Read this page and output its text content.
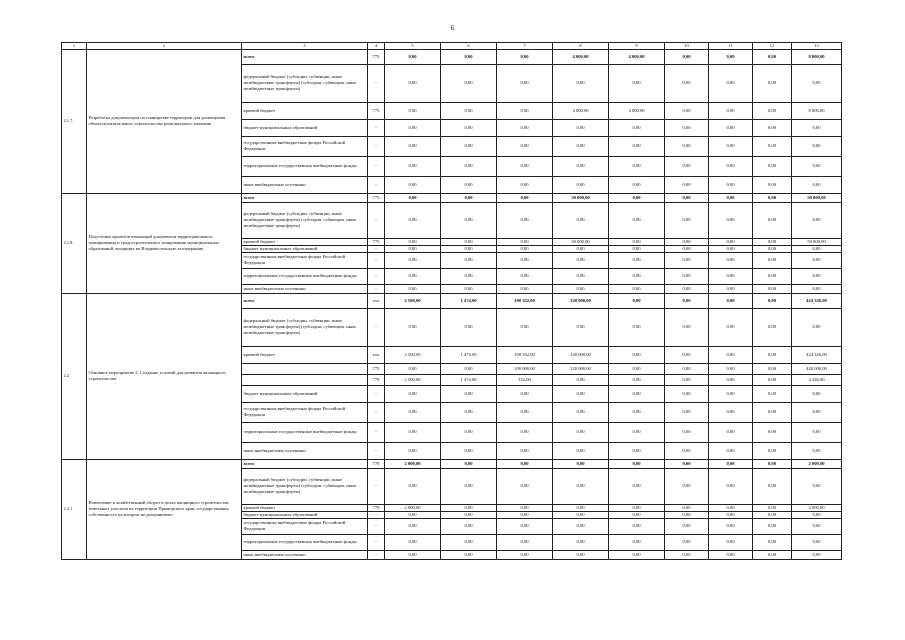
6
1	2	3	4	5	6	7	8	9	10	11	12	13
2.1.7.	Разработка документации по планировке территории для размещения объектов капитального строительства регионального значения	всего	775	0,00	0,00	0,00	4 000,00	4 000,00	0,00	0,00	0,00	8 000,00
		федеральный бюджет (субсидии, субвенции, иные межбюджетные трансферты) (субсидии, субвенции, иные межбюджетные трансферты)	-	0,00	0,00	0,00	0,00	0,00	0,00	0,00	0,00	0,00
		краевой бюджет	775	0,00	0,00	0,00	4 000,00	4 000,00	0,00	0,00	0,00	8 000,00
		бюджет муниципальных образований	-	0,00	0,00	0,00	0,00	0,00	0,00	0,00	0,00	0,00
		государственные внебюджетные фонды Российской Федерации	-	0,00	0,00	0,00	0,00	0,00	0,00	0,00	0,00	0,00
		территориальные государственные внебюджетные фонды	-	0,00	0,00	0,00	0,00	0,00	0,00	0,00	0,00	0,00
		иные внебюджетные источники	-	0,00	0,00	0,00	0,00	0,00	0,00	0,00	0,00	0,00
2.1.8.	Подготовка проектов изменений документов территориального планирования и градостроительного зонирования муниципальных образований, входящих во Владивостокскую агломерацию	всего	775	0,00	0,00	0,00	50 000,00	0,00	0,00	0,00	0,00	50 000,00
		федеральный бюджет (субсидии, субвенции, иные межбюджетные трансферты) (субсидии, субвенции, иные межбюджетные трансферты)	-	0,00	0,00	0,00	0,00	0,00	0,00	0,00	0,00	0,00
		краевой бюджет	775	0,00	0,00	0,00	50 000,00	0,00	0,00	0,00	0,00	50 000,00
		бюджет муниципальных образований	-	0,00	0,00	0,00	0,00	0,00	0,00	0,00	0,00	0,00
		государственные внебюджетные фонды Российской Федерации	-	0,00	0,00	0,00	0,00	0,00	0,00	0,00	0,00	0,00
		территориальные государственные внебюджетные фонды	-	0,00	0,00	0,00	0,00	0,00	0,00	0,00	0,00	0,00
		иные внебюджетные источники	-	0,00	0,00	0,00	0,00	0,00	0,00	0,00	0,00	0,00
2.2.	Основное мероприятие 2. Создание условий для развития жилищного строительства	всего	ххх	2 500,00	1 474,00	100 352,00	320 000,00	0,00	0,00	0,00	0,00	424 326,00
		федеральный бюджет (субсидии, субвенции, иные межбюджетные трансферты) (субсидии, субвенции, иные межбюджетные трансферты)	-	0,00	0,00	0,00	0,00	0,00	0,00	0,00	0,00	0,00
		краевой бюджет	ххх	2 500,00	1 474,00	100 352,00	320 000,00	0,00	0,00	0,00	0,00	424 326,00
			775	0,00	0,00	100 000,00	320 000,00	0,00	0,00	0,00	0,00	420 000,00
			779	2 500,00	1 474,00	352,00	0,00	0,00	0,00	0,00	0,00	4 326,00
		бюджет муниципальных образований	-	0,00	0,00	0,00	0,00	0,00	0,00	0,00	0,00	0,00
		государственные внебюджетные фонды Российской Федерации	-	0,00	0,00	0,00	0,00	0,00	0,00	0,00	0,00	0,00
		территориальные государственные внебюджетные фонды	-	0,00	0,00	0,00	0,00	0,00	0,00	0,00	0,00	0,00
		иные внебюджетные источники	-	0,00	0,00	0,00	0,00	0,00	0,00	0,00	0,00	0,00
2.2.1	Вовлечение в хозяйственный оборот в целях жилищного строительства земельных участков на территории Приморского края, государственная собственность на которые не разграничена	всего	779	2 000,00	0,00	0,00	0,00	0,00	0,00	0,00	0,00	2 000,00
		федеральный бюджет (субсидии, субвенции, иные межбюджетные трансферты) (субсидии, субвенции, иные межбюджетные трансферты)	-	0,00	0,00	0,00	0,00	0,00	0,00	0,00	0,00	0,00
		краевой бюджет	779	2 000,00	0,00	0,00	0,00	0,00	0,00	0,00	0,00	2 000,00
		бюджет муниципальных образований	-	0,00	0,00	0,00	0,00	0,00	0,00	0,00	0,00	0,00
		государственные внебюджетные фонды Российской Федерации	-	0,00	0,00	0,00	0,00	0,00	0,00	0,00	0,00	0,00
		территориальные государственные внебюджетные фонды	-	0,00	0,00	0,00	0,00	0,00	0,00	0,00	0,00	0,00
		иные внебюджетные источники	-	0,00	0,00	0,00	0,00	0,00	0,00	0,00	0,00	0,00
